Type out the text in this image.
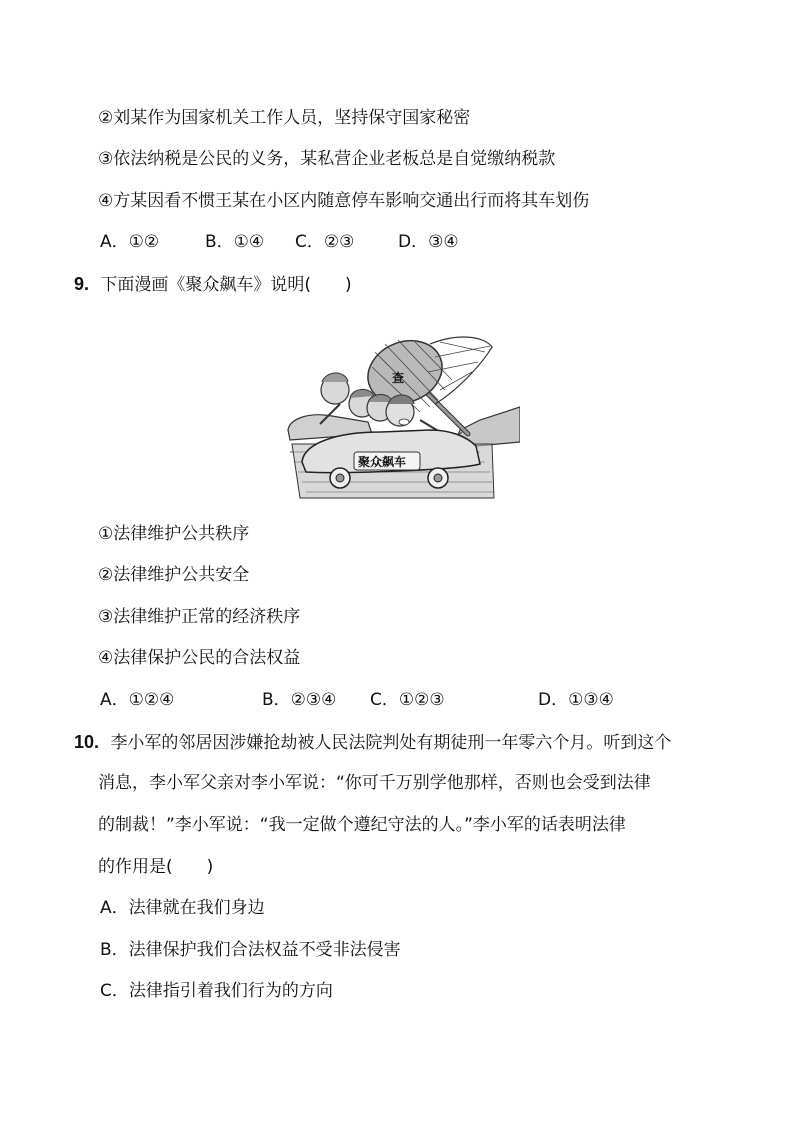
②刘某作为国家机关工作人员，坚持保守国家秘密
③依法纳税是公民的义务，某私营企业老板总是自觉缴纳税款
④方某因看不惯王某在小区内随意停车影响交通出行而将其车划伤
A．①②	B．①④ C．②③	D．③④
9. 下面漫画《聚众飙车》说明(　　)
查
聚众飙车
①法律维护公共秩序
②法律维护公共安全
③法律维护正常的经济秩序
④法律保护公民的合法权益
A．①②④	B．②③④ C．①②③	D．①③④
10. 李小军的邻居因涉嫌抢劫被人民法院判处有期徒刑一年零六个月。听到这个
消息，李小军父亲对李小军说：“你可千万别学他那样，否则也会受到法律
的制裁！”李小军说：“我一定做个遵纪守法的人。”李小军的话表明法律
的作用是(　　)
A．法律就在我们身边
B．法律保护我们合法权益不受非法侵害
C．法律指引着我们行为的方向
